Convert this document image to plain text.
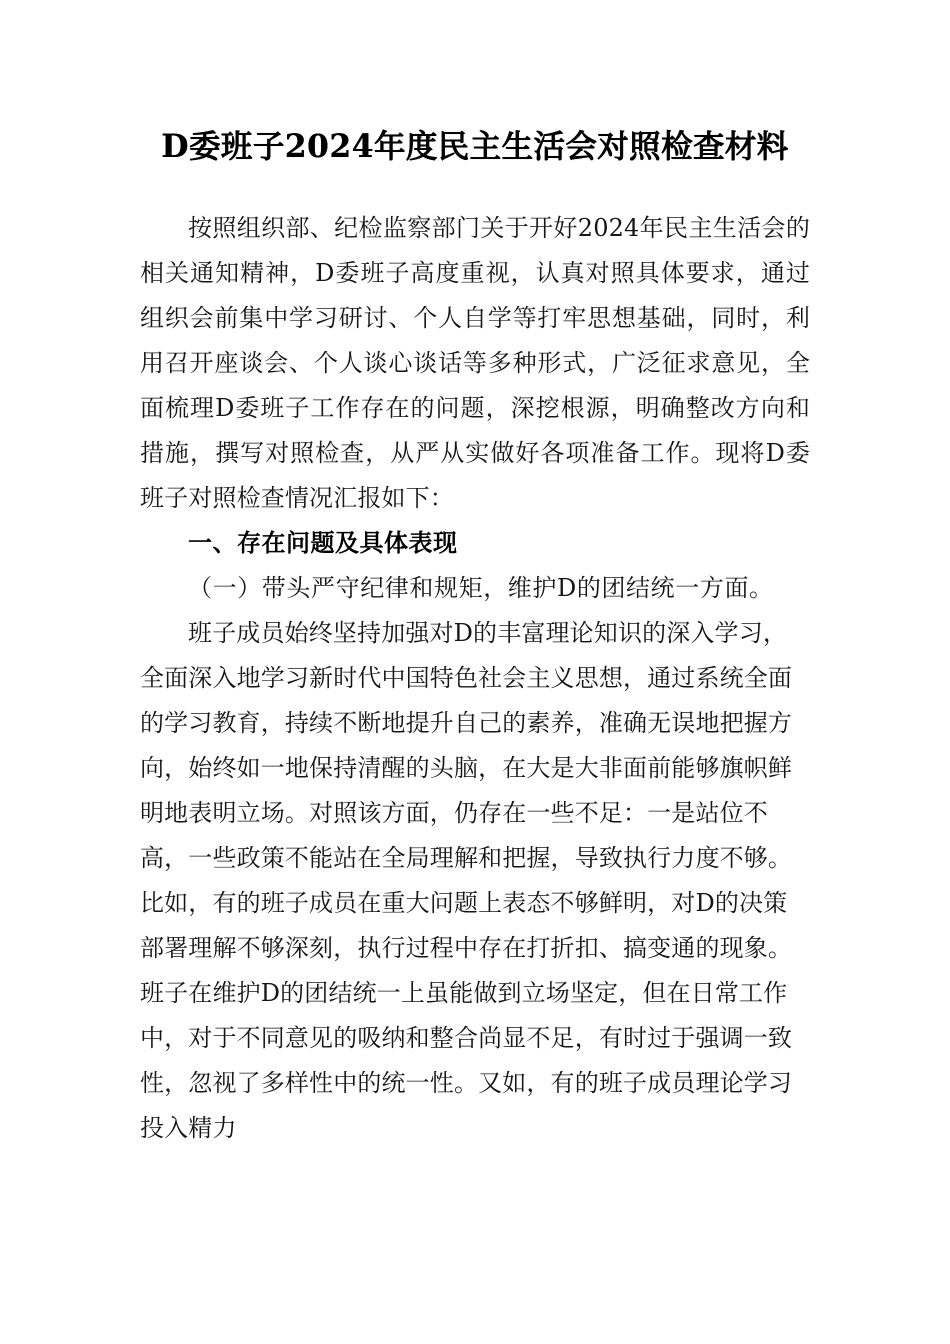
D委班子2024年度民主生活会对照检查材料

按照组织部、纪检监察部门关于开好2024年民主生活会的相关通知精神，D委班子高度重视，认真对照具体要求，通过组织会前集中学习研讨、个人自学等打牢思想基础，同时，利用召开座谈会、个人谈心谈话等多种形式，广泛征求意见，全面梳理D委班子工作存在的问题，深挖根源，明确整改方向和措施，撰写对照检查，从严从实做好各项准备工作。现将D委班子对照检查情况汇报如下：

一、存在问题及具体表现

（一）带头严守纪律和规矩，维护D的团结统一方面。

班子成员始终坚持加强对D的丰富理论知识的深入学习，全面深入地学习新时代中国特色社会主义思想，通过系统全面的学习教育，持续不断地提升自己的素养，准确无误地把握方向，始终如一地保持清醒的头脑，在大是大非面前能够旗帜鲜明地表明立场。对照该方面，仍存在一些不足：一是站位不高，一些政策不能站在全局理解和把握，导致执行力度不够。比如，有的班子成员在重大问题上表态不够鲜明，对D的决策部署理解不够深刻，执行过程中存在打折扣、搞变通的现象。班子在维护D的团结统一上虽能做到立场坚定，但在日常工作中，对于不同意见的吸纳和整合尚显不足，有时过于强调一致性，忽视了多样性中的统一性。又如，有的班子成员理论学习投入精力
